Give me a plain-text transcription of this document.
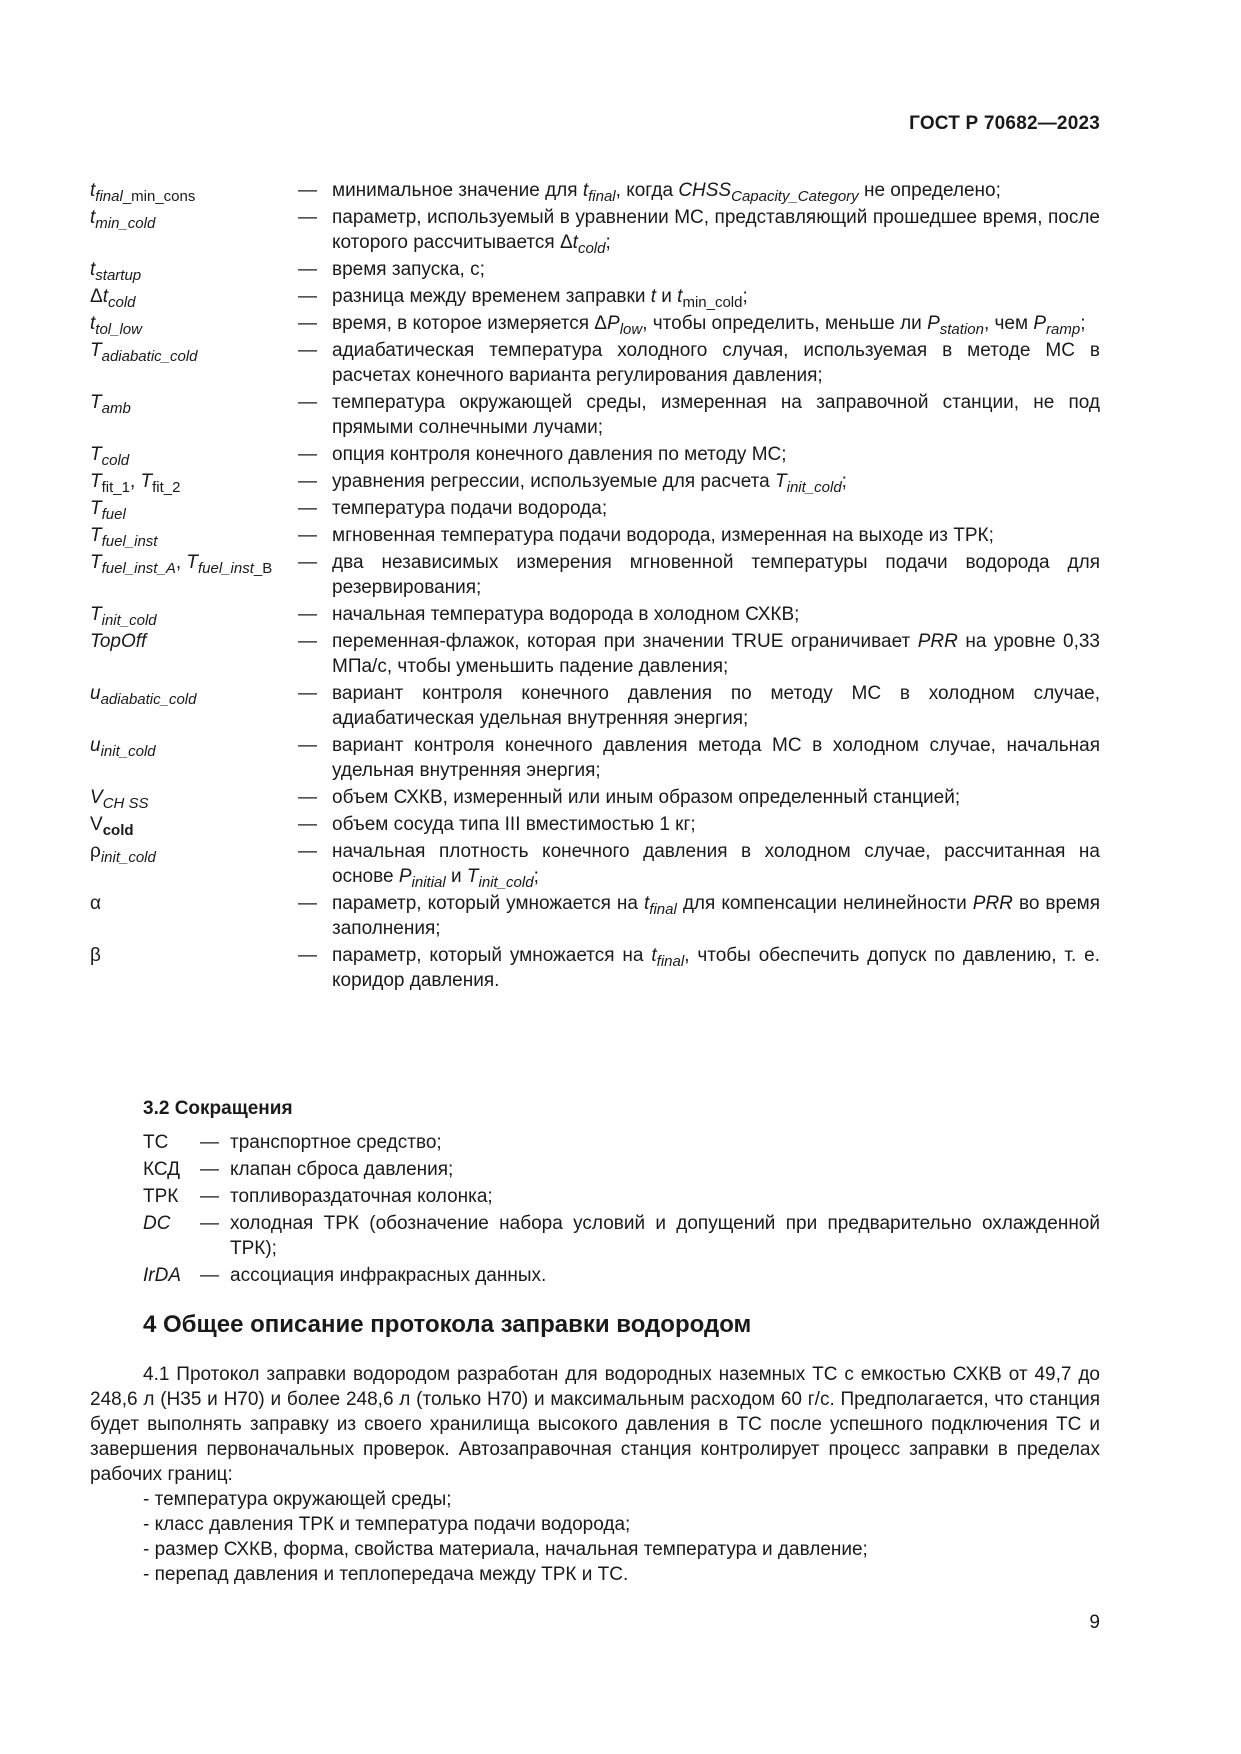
ГОСТ Р 70682—2023
$t_{final\_min\_cons}$	— минимальное значение для $t_{final}$, когда $CHSS_{Capacity\_Category}$ не определено;
$t_{min\_cold}$	— параметр, используемый в уравнении МС, представляющий прошедшее время, после которого рассчитывается $\Delta t_{cold}$;
$t_{startup}$	— время запуска, с;
$\Delta t_{cold}$	— разница между временем заправки t и $t_{min\_cold}$;
$t_{tol\_low}$	— время, в которое измеряется $\Delta P_{low}$, чтобы определить, меньше ли $P_{station}$, чем $P_{ramp}$;
$T_{adiabatic\_cold}$	— адиабатическая температура холодного случая, используемая в методе МС в расчетах конечного варианта регулирования давления;
$T_{amb}$	— температура окружающей среды, измеренная на заправочной станции, не под прямыми солнечными лучами;
$T_{cold}$	— опция контроля конечного давления по методу МС;
$T_{fit\_1}$, $T_{fit\_2}$	— уравнения регрессии, используемые для расчета $T_{init\_cold}$;
$T_{fuel}$	— температура подачи водорода;
$T_{fuel\_inst}$	— мгновенная температура подачи водорода, измеренная на выходе из ТРК;
$T_{fuel\_inst\_A}$, $T_{fuel\_inst\_B}$	— два независимых измерения мгновенной температуры подачи водорода для резервирования;
$T_{init\_cold}$	— начальная температура водорода в холодном СХКВ;
TopOff	— переменная-флажок, которая при значении TRUE ограничивает PRR на уровне 0,33 МПа/с, чтобы уменьшить падение давления;
$u_{adiabatic\_cold}$	— вариант контроля конечного давления по методу МС в холодном случае, адиабатическая удельная внутренняя энергия;
$u_{init\_cold}$	— вариант контроля конечного давления метода МС в холодном случае, начальная удельная внутренняя энергия;
$V_{CH SS}$	— объем СХКВ, измеренный или иным образом определенный станцией;
$V_{cold}$	— объем сосуда типа III вместимостью 1 кг;
$\rho_{init\_cold}$	— начальная плотность конечного давления в холодном случае, рассчитанная на основе $P_{initial}$ и $T_{init\_cold}$;
α	— параметр, который умножается на $t_{final}$ для компенсации нелинейности PRR во время заполнения;
β	— параметр, который умножается на $t_{final}$, чтобы обеспечить допуск по давлению, т. е. коридор давления.
3.2 Сокращения
ТС	— транспортное средство;
КСД	— клапан сброса давления;
ТРК	— топливораздаточная колонка;
DC	— холодная ТРК (обозначение набора условий и допущений при предварительно охлажденной ТРК);
IrDA	— ассоциация инфракрасных данных.
4 Общее описание протокола заправки водородом
4.1 Протокол заправки водородом разработан для водородных наземных ТС с емкостью СХКВ от 49,7 до 248,6 л (Н35 и Н70) и более 248,6 л (только Н70) и максимальным расходом 60 г/с. Предполагается, что станция будет выполнять заправку из своего хранилища высокого давления в ТС после успешного подключения ТС и завершения первоначальных проверок. Автозаправочная станция контролирует процесс заправки в пределах рабочих границ:
- температура окружающей среды;
- класс давления ТРК и температура подачи водорода;
- размер СХКВ, форма, свойства материала, начальная температура и давление;
- перепад давления и теплопередача между ТРК и ТС.
9
